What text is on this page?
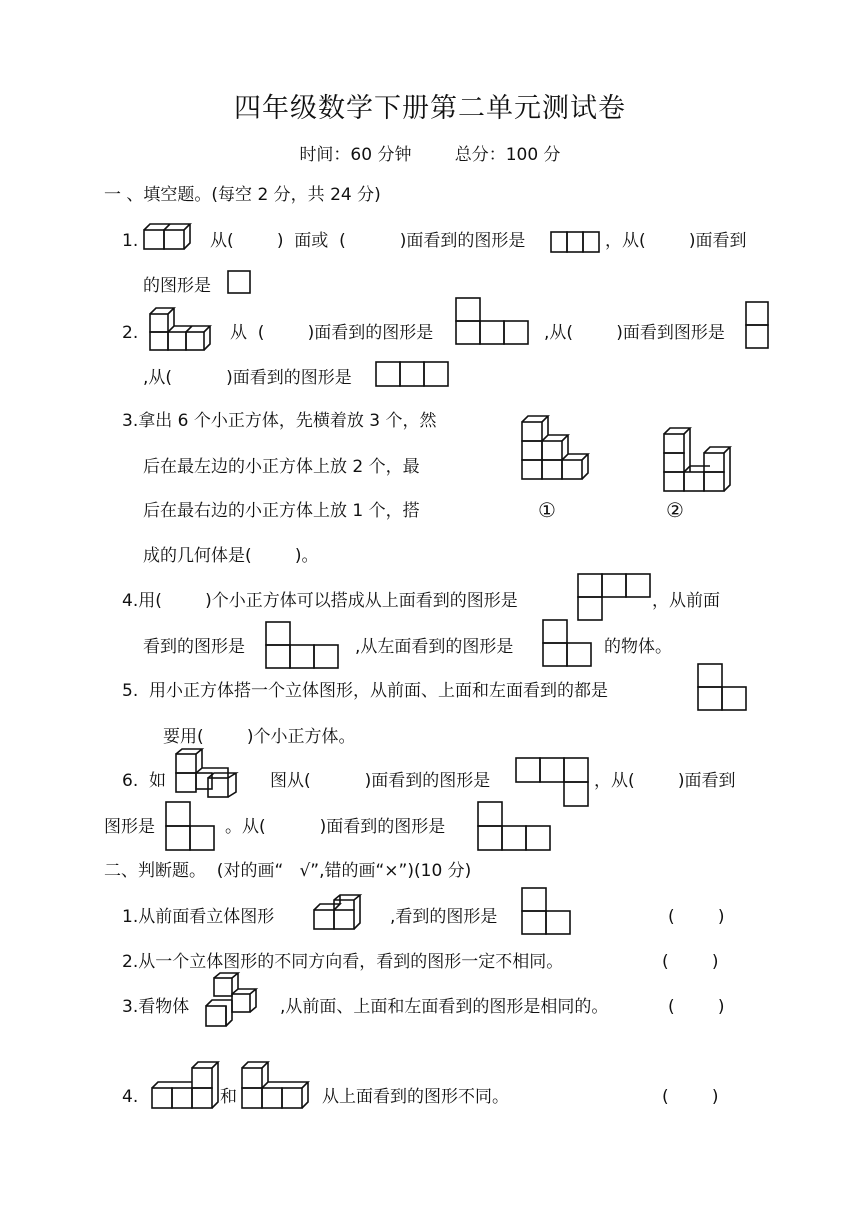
四年级数学下册第二单元测试卷
时间：60 分钟        总分：100 分
一 、填空题。(每空 2 分，共 24 分)
1.	从(        )  面或  (          )面看到的图形是	，从(        )面看到
的图形是
2.	从  (        )面看到的图形是	,从(        )面看到图形是
,从(          )面看到的图形是
3.拿出 6 个小正方体，先横着放 3 个，然
后在最左边的小正方体上放 2 个，最
后在最右边的小正方体上放 1 个，搭
成的几何体是(        )。
①	②
4.用(        )个小正方体可以搭成从上面看到的图形是	，从前面
看到的图形是	,从左面看到的图形是	的物体。
5.  用小正方体搭一个立体图形，从前面、上面和左面看到的都是
要用(        )个小正方体。
6.  如	图从(          )面看到的图形是	，从(        )面看到
图形是	。从(          )面看到的图形是
二、判断题。  (对的画“   √”,错的画“×”)(10 分)
1.从前面看立体图形	,看到的图形是	(        )
2.从一个立体图形的不同方向看，看到的图形一定不相同。	(        )
3.看物体	,从前面、上面和左面看到的图形是相同的。	(        )
4.	和	从上面看到的图形不同。	(        )
